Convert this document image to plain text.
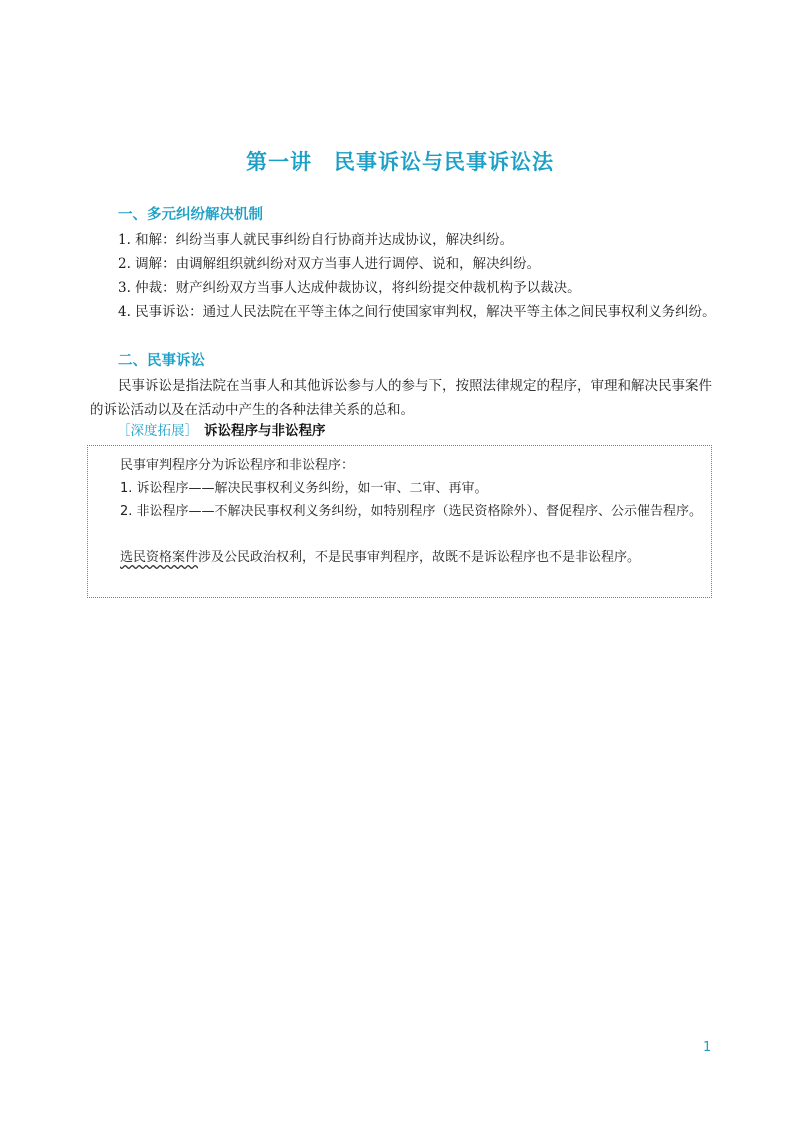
第一讲 民事诉讼与民事诉讼法
一、多元纠纷解决机制
1. 和解：纠纷当事人就民事纠纷自行协商并达成协议，解决纠纷。
2. 调解：由调解组织就纠纷对双方当事人进行调停、说和，解决纠纷。
3. 仲裁：财产纠纷双方当事人达成仲裁协议，将纠纷提交仲裁机构予以裁决。
4. 民事诉讼：通过人民法院在平等主体之间行使国家审判权，解决平等主体之间民事权利义务纠纷。
二、民事诉讼
民事诉讼是指法院在当事人和其他诉讼参与人的参与下，按照法律规定的程序，审理和解决民事案件的诉讼活动以及在活动中产生的各种法律关系的总和。
［深度拓展］ 诉讼程序与非讼程序
民事审判程序分为诉讼程序和非讼程序：
1. 诉讼程序——解决民事权利义务纠纷，如一审、二审、再审。
2. 非讼程序——不解决民事权利义务纠纷，如特别程序（选民资格除外）、督促程序、公示催告程序。
选民资格案件涉及公民政治权利，不是民事审判程序，故既不是诉讼程序也不是非讼程序。
1
